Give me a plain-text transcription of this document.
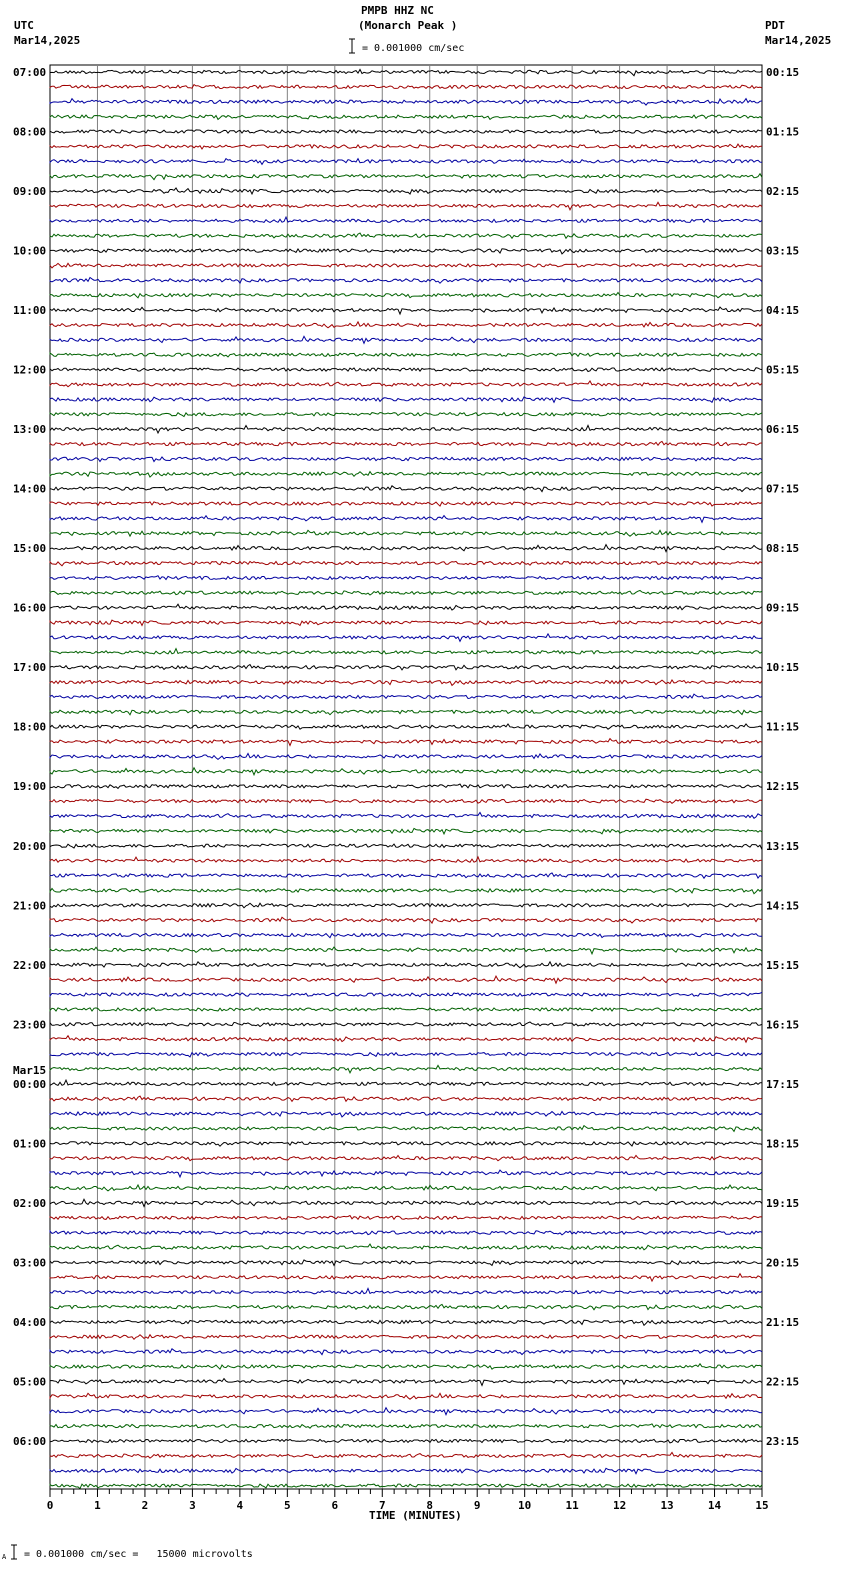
PMPB HHZ NC
(Monarch Peak )
UTC
Mar14,2025
PDT
Mar14,2025
= 0.001000 cm/sec
0	1	2	3	4	5	6	7	8	9	10	11	12	13	14	15
07:00
08:00
09:00
10:00
11:00
12:00
13:00
14:00
15:00
16:00
17:00
18:00
19:00
20:00
21:00
22:00
23:00
00:00
Mar15
01:00
02:00
03:00
04:00
05:00
06:00
00:15
01:15
02:15
03:15
04:15
05:15
06:15
07:15
08:15
09:15
10:15
11:15
12:15
13:15
14:15
15:15
16:15
17:15
18:15
19:15
20:15
21:15
22:15
23:15
TIME (MINUTES)
A = 0.001000 cm/sec =   15000 microvolts
